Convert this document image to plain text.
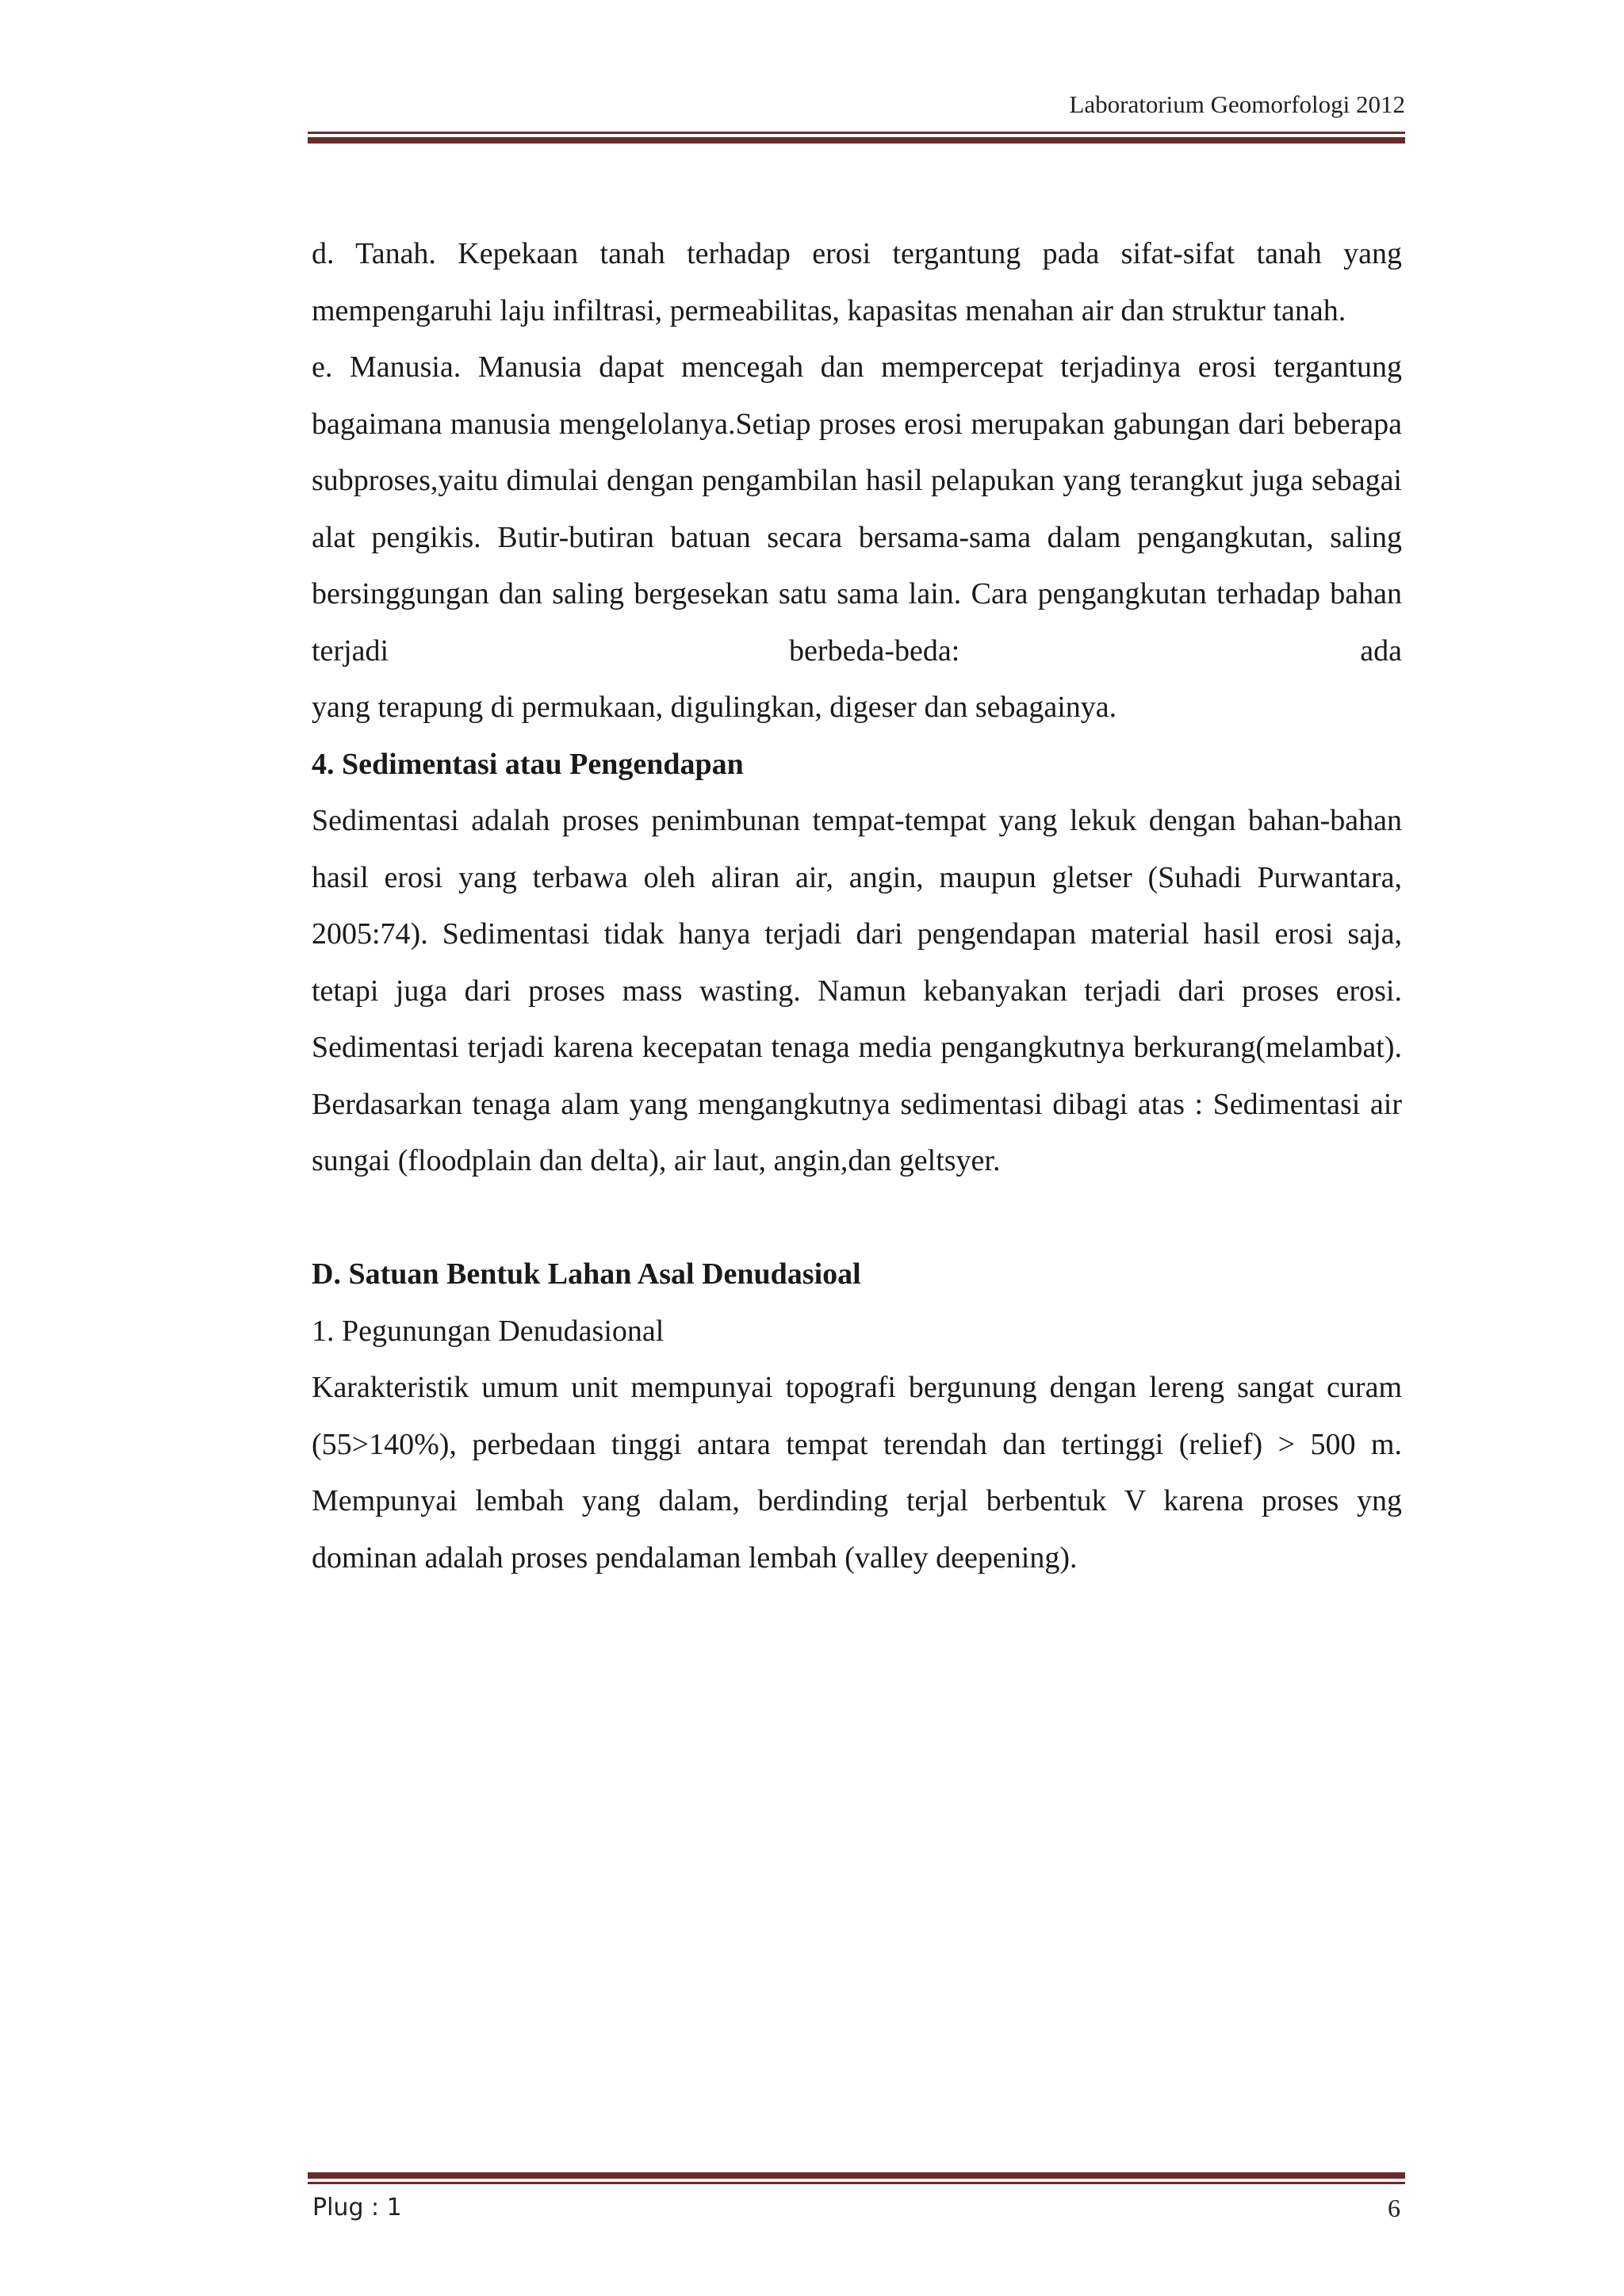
Laboratorium Geomorfologi 2012

d. Tanah. Kepekaan tanah terhadap erosi tergantung pada sifat-sifat tanah yang mempengaruhi laju infiltrasi, permeabilitas, kapasitas menahan air dan struktur tanah.

e. Manusia. Manusia dapat mencegah dan mempercepat terjadinya erosi tergantung bagaimana manusia mengelolanya.Setiap proses erosi merupakan gabungan dari beberapa subproses,yaitu dimulai dengan pengambilan hasil pelapukan yang terangkut juga sebagai alat pengikis. Butir-butiran batuan secara bersama-sama dalam pengangkutan, saling bersinggungan dan saling bergesekan satu sama lain. Cara pengangkutan terhadap bahan terjadi berbeda-beda: ada

yang terapung di permukaan, digulingkan, digeser dan sebagainya.

4. Sedimentasi atau Pengendapan

Sedimentasi adalah proses penimbunan tempat-tempat yang lekuk dengan bahan-bahan hasil erosi yang terbawa oleh aliran air, angin, maupun gletser (Suhadi Purwantara, 2005:74). Sedimentasi tidak hanya terjadi dari pengendapan material hasil erosi saja, tetapi juga dari proses mass wasting. Namun kebanyakan terjadi dari proses erosi. Sedimentasi terjadi karena kecepatan tenaga media pengangkutnya berkurang(melambat). Berdasarkan tenaga alam yang mengangkutnya sedimentasi dibagi atas : Sedimentasi air sungai (floodplain dan delta), air laut, angin,dan geltsyer.

D. Satuan Bentuk Lahan Asal Denudasioal

1. Pegunungan Denudasional

Karakteristik umum unit mempunyai topografi bergunung dengan lereng sangat curam (55>140%), perbedaan tinggi antara tempat terendah dan tertinggi (relief) > 500 m. Mempunyai lembah yang dalam, berdinding terjal berbentuk V karena proses yng dominan adalah proses pendalaman lembah (valley deepening).

Plug : 1	6
